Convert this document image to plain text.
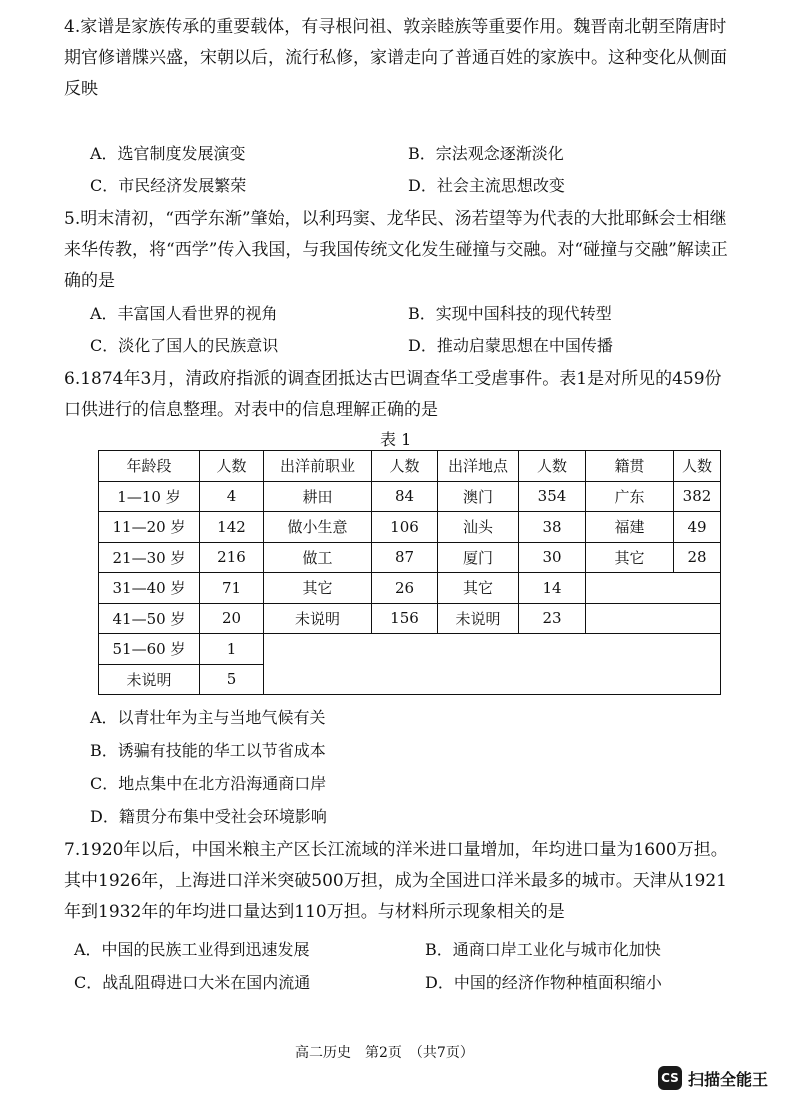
4.家谱是家族传承的重要载体，有寻根问祖、敦亲睦族等重要作用。魏晋南北朝至隋唐时期官修谱牒兴盛，宋朝以后，流行私修，家谱走向了普通百姓的家族中。这种变化从侧面反映

A．选官制度发展演变	B．宗法观念逐渐淡化
C．市民经济发展繁荣	D．社会主流思想改变

5.明末清初，“西学东渐”肇始，以利玛窦、龙华民、汤若望等为代表的大批耶稣会士相继来华传教，将“西学”传入我国，与我国传统文化发生碰撞与交融。对“碰撞与交融”解读正确的是

A．丰富国人看世界的视角	B．实现中国科技的现代转型
C．淡化了国人的民族意识	D．推动启蒙思想在中国传播

6.1874年3月，清政府指派的调查团抵达古巴调查华工受虐事件。表1是对所见的459份口供进行的信息整理。对表中的信息理解正确的是

表 1
年龄段	人数	出洋前职业	人数	出洋地点	人数	籍贯	人数
1—10 岁	4	耕田	84	澳门	354	广东	382
11—20 岁	142	做小生意	106	汕头	38	福建	49
21—30 岁	216	做工	87	厦门	30	其它	28
31—40 岁	71	其它	26	其它	14		
41—50 岁	20	未说明	156	未说明	23		
51—60 岁	1						
未说明	5						
A．以青壮年为主与当地气候有关
B．诱骗有技能的华工以节省成本
C．地点集中在北方沿海通商口岸
D．籍贯分布集中受社会环境影响

7.1920年以后，中国米粮主产区长江流域的洋米进口量增加，年均进口量为1600万担。其中1926年，上海进口洋米突破500万担，成为全国进口洋米最多的城市。天津从1921年到1932年的年均进口量达到110万担。与材料所示现象相关的是

A．中国的民族工业得到迅速发展	B．通商口岸工业化与城市化加快
C．战乱阻碍进口大米在国内流通	D．中国的经济作物种植面积缩小
高二历史　第2页　（共7页）
CS 扫描全能王
